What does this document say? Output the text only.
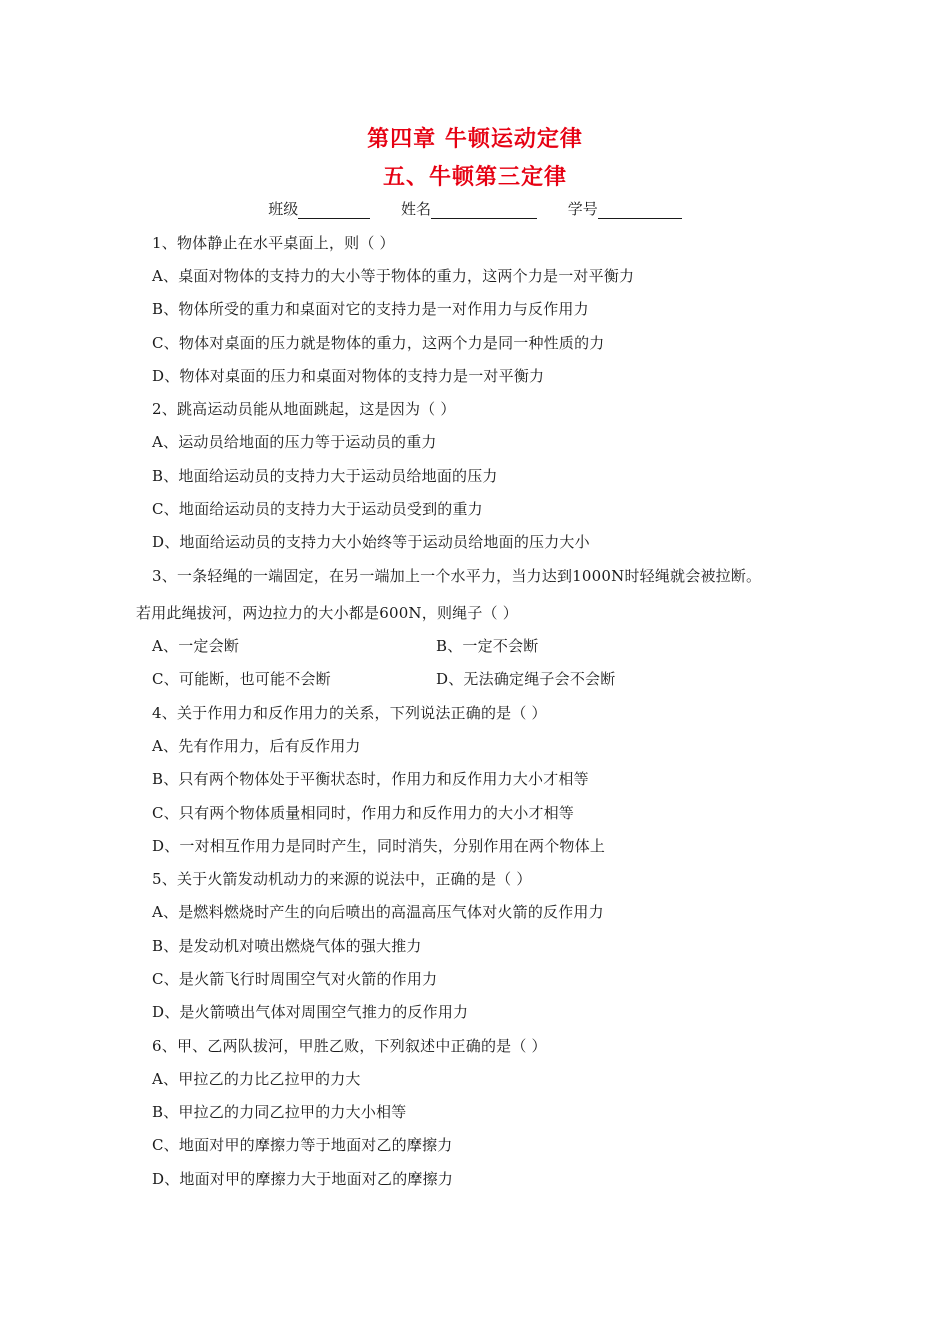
第四章 牛顿运动定律
五、牛顿第三定律
班级	姓名	学号
1、物体静止在水平桌面上，则（ ）
A、桌面对物体的支持力的大小等于物体的重力，这两个力是一对平衡力
B、物体所受的重力和桌面对它的支持力是一对作用力与反作用力
C、物体对桌面的压力就是物体的重力，这两个力是同一种性质的力
D、物体对桌面的压力和桌面对物体的支持力是一对平衡力
2、跳高运动员能从地面跳起，这是因为（ ）
A、运动员给地面的压力等于运动员的重力
B、地面给运动员的支持力大于运动员给地面的压力
C、地面给运动员的支持力大于运动员受到的重力
D、地面给运动员的支持力大小始终等于运动员给地面的压力大小
3、一条轻绳的一端固定，在另一端加上一个水平力，当力达到1000N时轻绳就会被拉断。
若用此绳拔河，两边拉力的大小都是600N，则绳子（ ）
A、一定会断	B、一定不会断
C、可能断，也可能不会断	D、无法确定绳子会不会断
4、关于作用力和反作用力的关系，下列说法正确的是（ ）
A、先有作用力，后有反作用力
B、只有两个物体处于平衡状态时，作用力和反作用力大小才相等
C、只有两个物体质量相同时，作用力和反作用力的大小才相等
D、一对相互作用力是同时产生，同时消失，分别作用在两个物体上
5、关于火箭发动机动力的来源的说法中，正确的是（ ）
A、是燃料燃烧时产生的向后喷出的高温高压气体对火箭的反作用力
B、是发动机对喷出燃烧气体的强大推力
C、是火箭飞行时周围空气对火箭的作用力
D、是火箭喷出气体对周围空气推力的反作用力
6、甲、乙两队拔河，甲胜乙败，下列叙述中正确的是（ ）
A、甲拉乙的力比乙拉甲的力大
B、甲拉乙的力同乙拉甲的力大小相等
C、地面对甲的摩擦力等于地面对乙的摩擦力
D、地面对甲的摩擦力大于地面对乙的摩擦力
